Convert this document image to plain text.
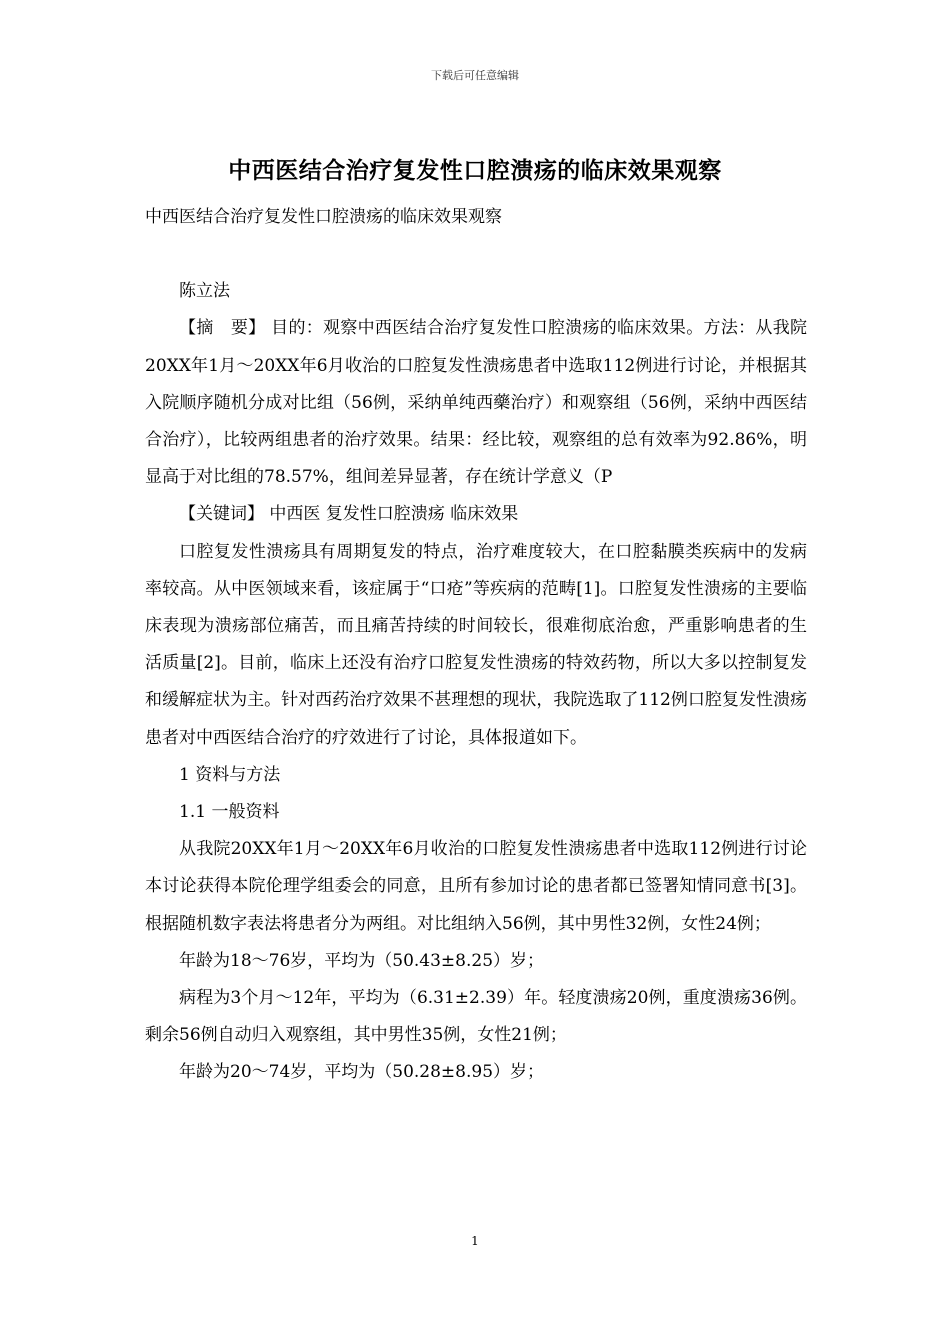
下载后可任意编辑
中西医结合治疗复发性口腔溃疡的临床效果观察

中西医结合治疗复发性口腔溃疡的临床效果观察

陈立法

【摘　要】 目的：观察中西医结合治疗复发性口腔溃疡的临床效果。方法：从我院20XX年1月～20XX年6月收治的口腔复发性溃疡患者中选取112例进行讨论，并根据其入院顺序随机分成对比组（56例，采纳单纯西藥治疗）和观察组（56例，采纳中西医结合治疗），比较两组患者的治疗效果。结果：经比较，观察组的总有效率为92.86%，明显高于对比组的78.57%，组间差异显著，存在统计学意义（P

【关键词】 中西医 复发性口腔溃疡 临床效果

口腔复发性溃疡具有周期复发的特点，治疗难度较大，在口腔黏膜类疾病中的发病率较高。从中医领域来看，该症属于“口疮”等疾病的范畴[1]。口腔复发性溃疡的主要临床表现为溃疡部位痛苦，而且痛苦持续的时间较长，很难彻底治愈，严重影响患者的生活质量[2]。目前，临床上还没有治疗口腔复发性溃疡的特效药物，所以大多以控制复发和缓解症状为主。针对西药治疗效果不甚理想的现状，我院选取了112例口腔复发性溃疡患者对中西医结合治疗的疗效进行了讨论，具体报道如下。

1 资料与方法

1.1 一般资料

从我院20XX年1月～20XX年6月收治的口腔复发性溃疡患者中选取112例进行讨论本讨论获得本院伦理学组委会的同意，且所有参加讨论的患者都已签署知情同意书[3]。根据随机数字表法将患者分为两组。对比组纳入56例，其中男性32例，女性24例；

年龄为18～76岁，平均为（50.43±8.25）岁；

病程为3个月～12年，平均为（6.31±2.39）年。轻度溃疡20例，重度溃疡36例。剩余56例自动归入观察组，其中男性35例，女性21例；

年龄为20～74岁，平均为（50.28±8.95）岁；

1
